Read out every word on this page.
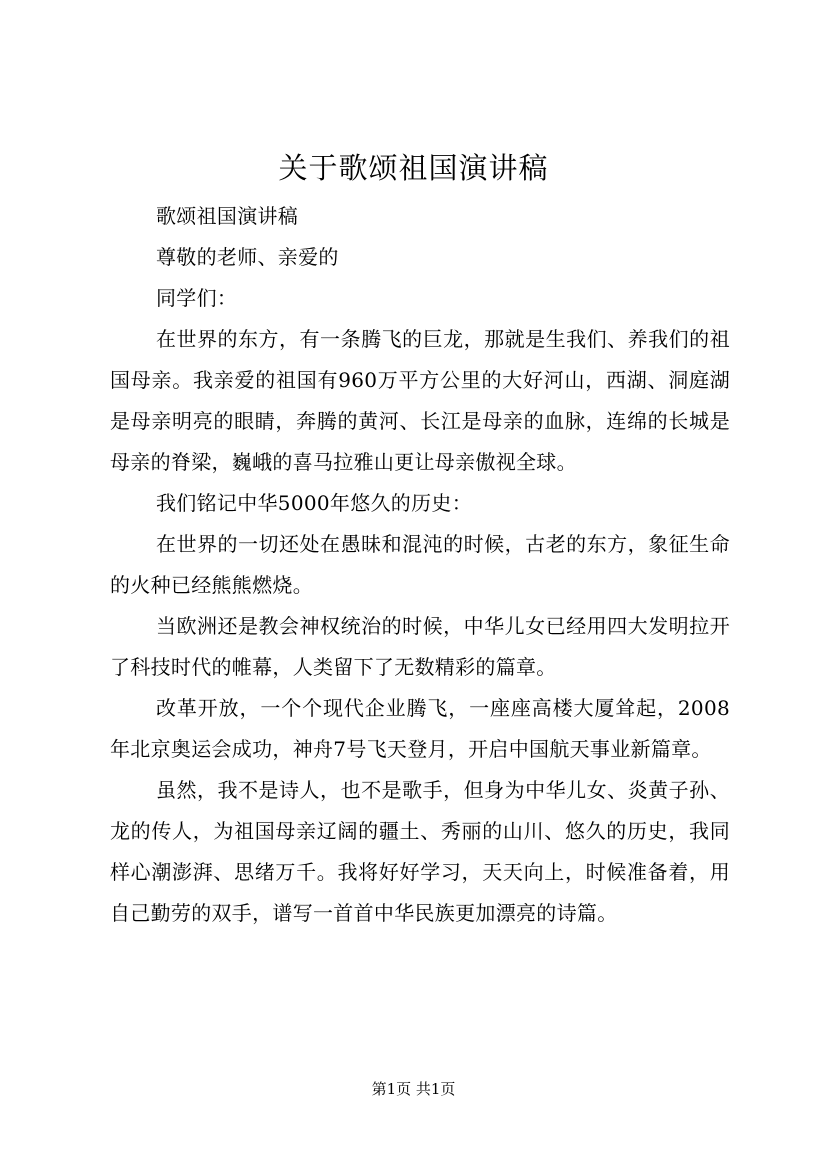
关于歌颂祖国演讲稿

歌颂祖国演讲稿

尊敬的老师、亲爱的

同学们：

在世界的东方，有一条腾飞的巨龙，那就是生我们、养我们的祖国母亲。我亲爱的祖国有960万平方公里的大好河山，西湖、洞庭湖是母亲明亮的眼睛，奔腾的黄河、长江是母亲的血脉，连绵的长城是母亲的脊梁，巍峨的喜马拉雅山更让母亲傲视全球。

我们铭记中华5000年悠久的历史：

在世界的一切还处在愚昧和混沌的时候，古老的东方，象征生命的火种已经熊熊燃烧。

当欧洲还是教会神权统治的时候，中华儿女已经用四大发明拉开了科技时代的帷幕，人类留下了无数精彩的篇章。

改革开放，一个个现代企业腾飞，一座座高楼大厦耸起，2008年北京奥运会成功，神舟7号飞天登月，开启中国航天事业新篇章。

虽然，我不是诗人，也不是歌手，但身为中华儿女、炎黄子孙、龙的传人，为祖国母亲辽阔的疆土、秀丽的山川、悠久的历史，我同样心潮澎湃、思绪万千。我将好好学习，天天向上，时候准备着，用自己勤劳的双手，谱写一首首中华民族更加漂亮的诗篇。

第1页 共1页
